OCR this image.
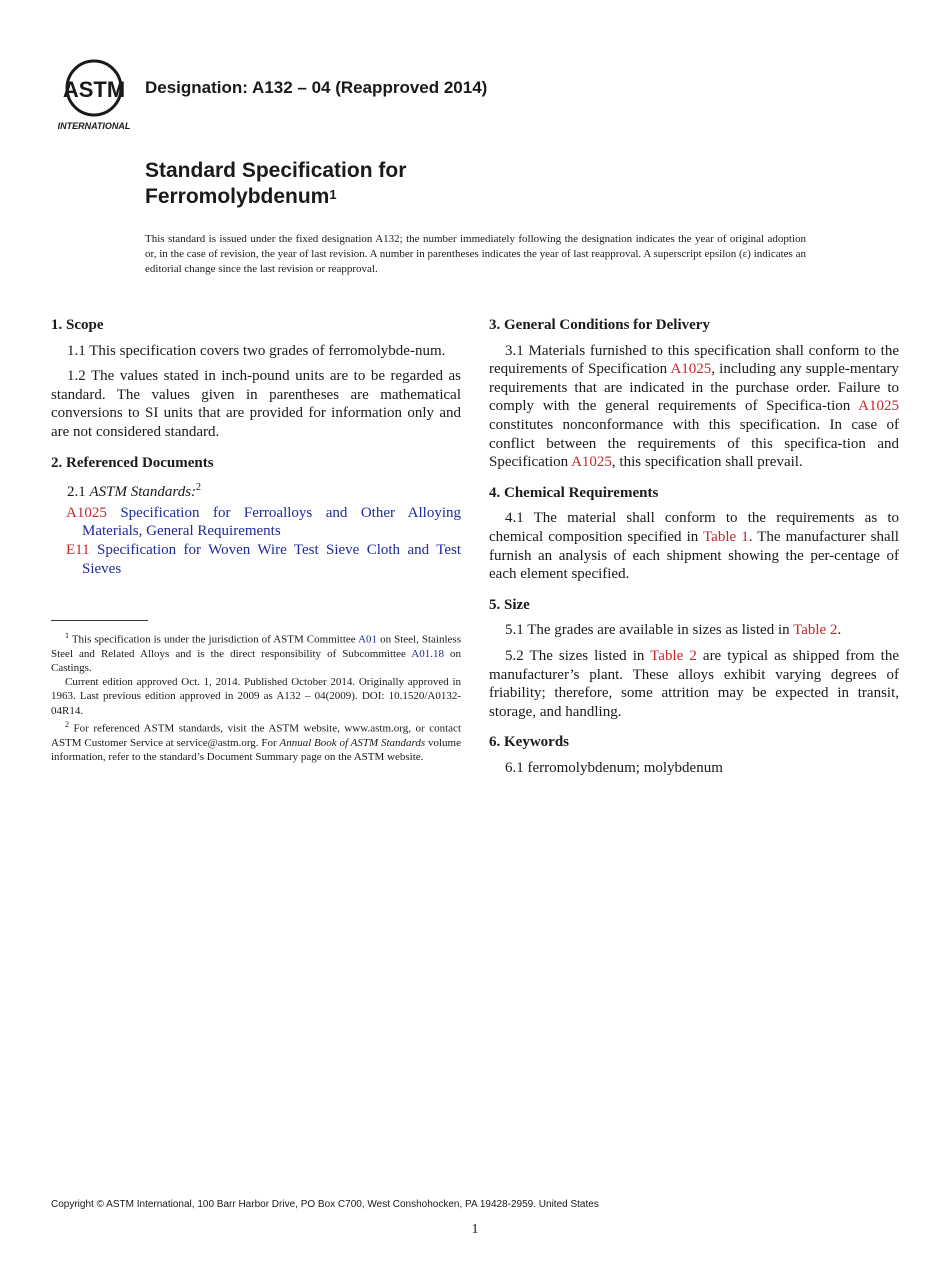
ASTM
INTERNATIONAL
Designation: A132 – 04 (Reapproved 2014)
Standard Specification for
Ferromolybdenum$^1$
This standard is issued under the fixed designation A132; the number immediately following the designation indicates the year of original adoption or, in the case of revision, the year of last revision. A number in parentheses indicates the year of last reapproval. A superscript epsilon (ε) indicates an editorial change since the last revision or reapproval.
1. Scope

1.1 This specification covers two grades of ferromolybde-num.

1.2 The values stated in inch-pound units are to be regarded as standard. The values given in parentheses are mathematical conversions to SI units that are provided for information only and are not considered standard.

2. Referenced Documents

2.1 ASTM Standards:$^2$

A1025 Specification for Ferroalloys and Other Alloying Materials, General Requirements

E11 Specification for Woven Wire Test Sieve Cloth and Test Sieves

$^1$ This specification is under the jurisdiction of ASTM Committee A01 on Steel, Stainless Steel and Related Alloys and is the direct responsibility of Subcommittee A01.18 on Castings.

Current edition approved Oct. 1, 2014. Published October 2014. Originally approved in 1963. Last previous edition approved in 2009 as A132 – 04(2009). DOI: 10.1520/A0132-04R14.

$^2$ For referenced ASTM standards, visit the ASTM website, www.astm.org, or contact ASTM Customer Service at service@astm.org. For Annual Book of ASTM Standards volume information, refer to the standard’s Document Summary page on the ASTM website.

3. General Conditions for Delivery

3.1 Materials furnished to this specification shall conform to the requirements of Specification A1025, including any supple-mentary requirements that are indicated in the purchase order. Failure to comply with the general requirements of Specifica-tion A1025 constitutes nonconformance with this specification. In case of conflict between the requirements of this specifica-tion and Specification A1025, this specification shall prevail.

4. Chemical Requirements

4.1 The material shall conform to the requirements as to chemical composition specified in Table 1. The manufacturer shall furnish an analysis of each shipment showing the per-centage of each element specified.

5. Size

5.1 The grades are available in sizes as listed in Table 2.

5.2 The sizes listed in Table 2 are typical as shipped from the manufacturer’s plant. These alloys exhibit varying degrees of friability; therefore, some attrition may be expected in transit, storage, and handling.

6. Keywords

6.1 ferromolybdenum; molybdenum

Copyright © ASTM International, 100 Barr Harbor Drive, PO Box C700, West Conshohocken, PA 19428-2959. United States
1
